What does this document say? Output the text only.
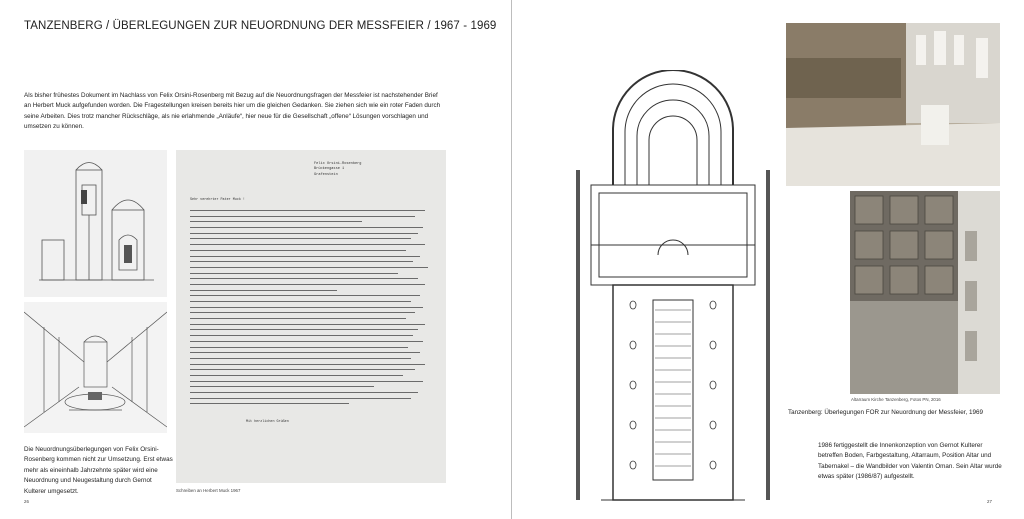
TANZENBERG / ÜBERLEGUNGEN ZUR NEUORDNUNG DER MESSFEIER / 1967 - 1969
Als bisher frühestes Dokument im Nachlass von Felix Orsini-Rosenberg mit Bezug auf die Neuordnungsfragen der Messfeier ist nachstehender Brief an Herbert Muck aufgefunden worden. Die Fragestellungen kreisen bereits hier um die gleichen Gedanken. Sie ziehen sich wie ein roter Faden durch seine Arbeiten. Dies trotz mancher Rückschläge, als nie erlahmende „Anläufe“, hier neue für die Gesellschaft „offene“ Lösungen vorschlagen und umsetzen zu können.
Felix Orsini-Rosenberg
Brückengasse 1
Grafenstein
Sehr verehrter Pater Muck !
Mit herzlichen Grüßen
Die Neuordnungsüberlegungen von Felix Orsini-Rosenberg kommen nicht zur Umsetzung. Erst etwas mehr als eineinhalb Jahrzehnte später wird eine Neuordnung und Neugestaltung durch Gernot Kulterer umgesetzt.	Schreiben an Herbert Muck 1967
26
Altarraum Kirche Tanzenberg, Fotos PN, 2016
Tanzenberg: Überlegungen FOR zur Neuordnung der Messfeier, 1969
1986 fertiggestellt die Innenkonzeption von Gernot Kulterer betreffen Boden, Farbgestaltung, Altarraum, Position Altar und Tabernakel – die Wandbilder von Valentin Oman. Sein Altar wurde etwas später (1986/87) aufgestellt.
27
